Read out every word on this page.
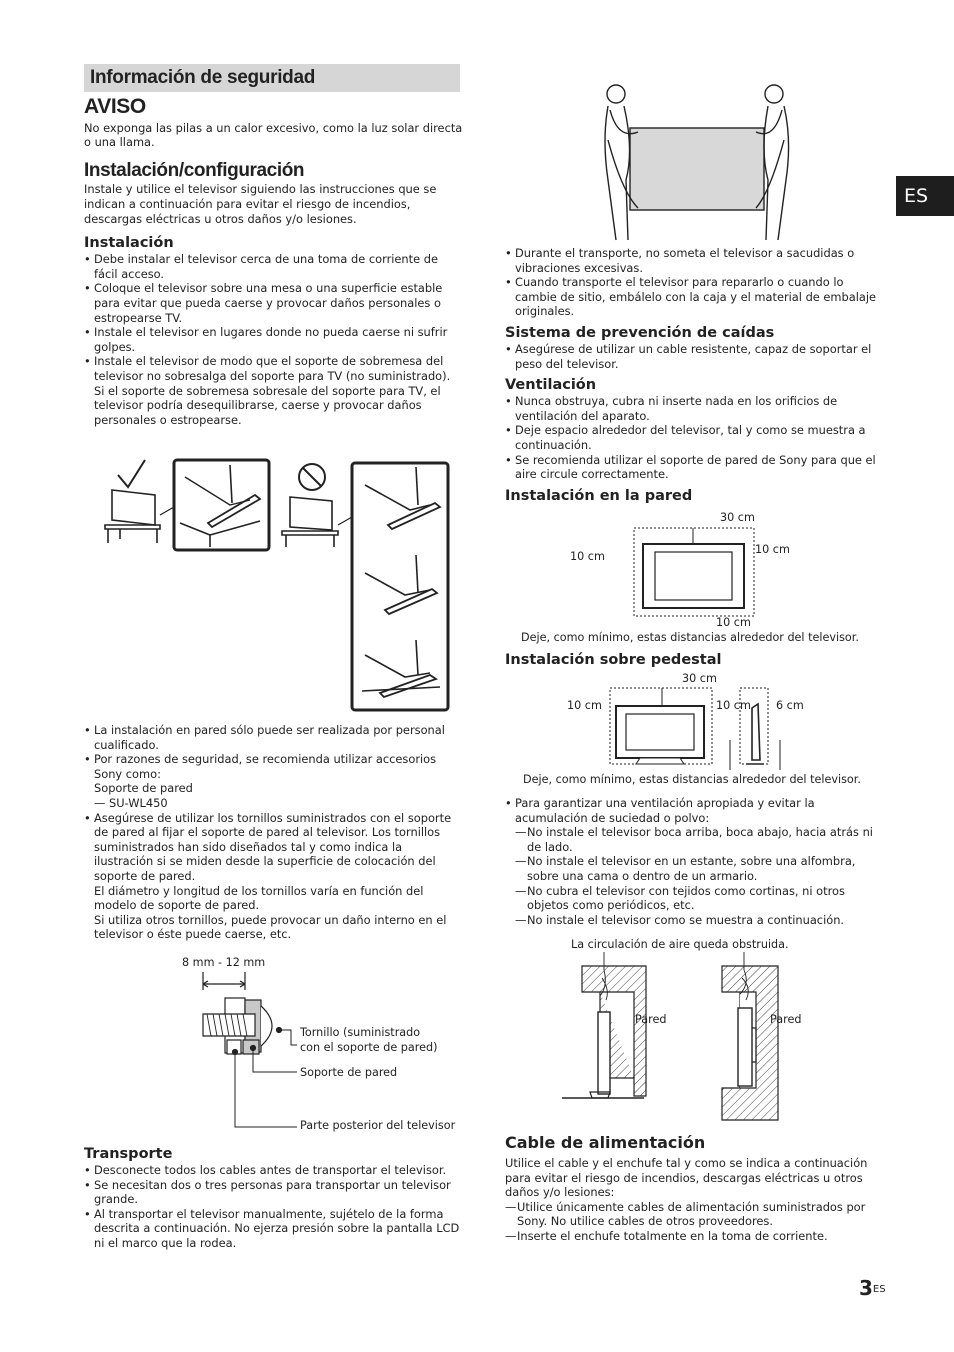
ES
Información de seguridad
AVISO

No exponga las pilas a un calor excesivo, como la luz solar directa o una llama.

Instalación/configuración

Instale y utilice el televisor siguiendo las instrucciones que se indican a continuación para evitar el riesgo de incendios, descargas eléctricas u otros daños y/o lesiones.

Instalación
• Debe instalar el televisor cerca de una toma de corriente de fácil acceso.
• Coloque el televisor sobre una mesa o una superficie estable para evitar que pueda caerse y provocar daños personales o estropearse TV.
• Instale el televisor en lugares donde no pueda caerse ni sufrir golpes.
• Instale el televisor de modo que el soporte de sobremesa del televisor no sobresalga del soporte para TV (no suministrado). Si el soporte de sobremesa sobresale del soporte para TV, el televisor podría desequilibrarse, caerse y provocar daños personales o estropearse.
• La instalación en pared sólo puede ser realizada por personal cualificado.
• Por razones de seguridad, se recomienda utilizar accesorios Sony como:
Soporte de pared
— SU-WL450
• Asegúrese de utilizar los tornillos suministrados con el soporte de pared al fijar el soporte de pared al televisor. Los tornillos suministrados han sido diseñados tal y como indica la ilustración si se miden desde la superficie de colocación del soporte de pared.
El diámetro y longitud de los tornillos varía en función del modelo de soporte de pared.
Si utiliza otros tornillos, puede provocar un daño interno en el televisor o éste puede caerse, etc.
8 mm - 12 mm
Tornillo (suministrado
con el soporte de pared)
Soporte de pared
Parte posterior del televisor
Transporte
• Desconecte todos los cables antes de transportar el televisor.
• Se necesitan dos o tres personas para transportar un televisor grande.
• Al transportar el televisor manualmente, sujételo de la forma descrita a continuación. No ejerza presión sobre la pantalla LCD ni el marco que la rodea.
• Durante el transporte, no someta el televisor a sacudidas o vibraciones excesivas.
• Cuando transporte el televisor para repararlo o cuando lo cambie de sitio, embálelo con la caja y el material de embalaje originales.
Sistema de prevención de caídas
• Asegúrese de utilizar un cable resistente, capaz de soportar el peso del televisor.
Ventilación
• Nunca obstruya, cubra ni inserte nada en los orificios de ventilación del aparato.
• Deje espacio alrededor del televisor, tal y como se muestra a continuación.
• Se recomienda utilizar el soporte de pared de Sony para que el aire circule correctamente.
Instalación en la pared
30 cm
10 cm
10 cm
10 cm
Deje, como mínimo, estas distancias alrededor del televisor.
Instalación sobre pedestal
30 cm
10 cm	10 cm 6 cm
Deje, como mínimo, estas distancias alrededor del televisor.
• Para garantizar una ventilación apropiada y evitar la acumulación de suciedad o polvo:
— No instale el televisor boca arriba, boca abajo, hacia atrás ni de lado.
— No instale el televisor en un estante, sobre una alfombra, sobre una cama o dentro de un armario.
— No cubra el televisor con tejidos como cortinas, ni otros objetos como periódicos, etc.
— No instale el televisor como se muestra a continuación.
La circulación de aire queda obstruida.
Pared	Pared
Cable de alimentación

Utilice el cable y el enchufe tal y como se indica a continuación para evitar el riesgo de incendios, descargas eléctricas u otros daños y/o lesiones:

— Utilice únicamente cables de alimentación suministrados por Sony. No utilice cables de otros proveedores.
— Inserte el enchufe totalmente en la toma de corriente.
$3^{ES}$
